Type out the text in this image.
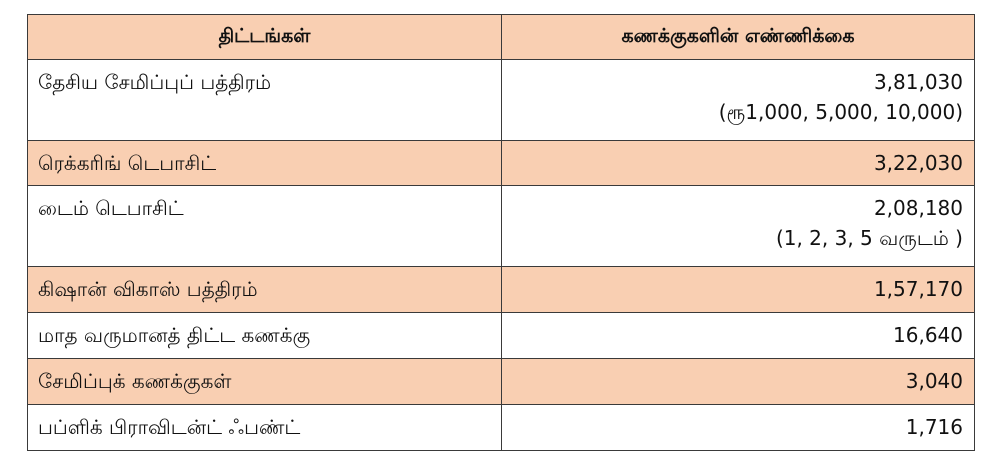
திட்டங்கள்	கணக்குகளின் எண்ணிக்கை
தேசிய சேமிப்புப் பத்திரம்	3,81,030
(ரூ1,000, 5,000, 10,000)

ரெக்கரிங் டெபாசிட்	3,22,030
டைம் டெபாசிட்	2,08,180
(1, 2, 3, 5 வருடம் )

கிஷான் விகாஸ் பத்திரம்	1,57,170
மாத வருமானத் திட்ட கணக்கு	16,640
சேமிப்புக் கணக்குகள்	3,040
பப்ளிக் பிராவிடன்ட் ஃபண்ட்	1,716
